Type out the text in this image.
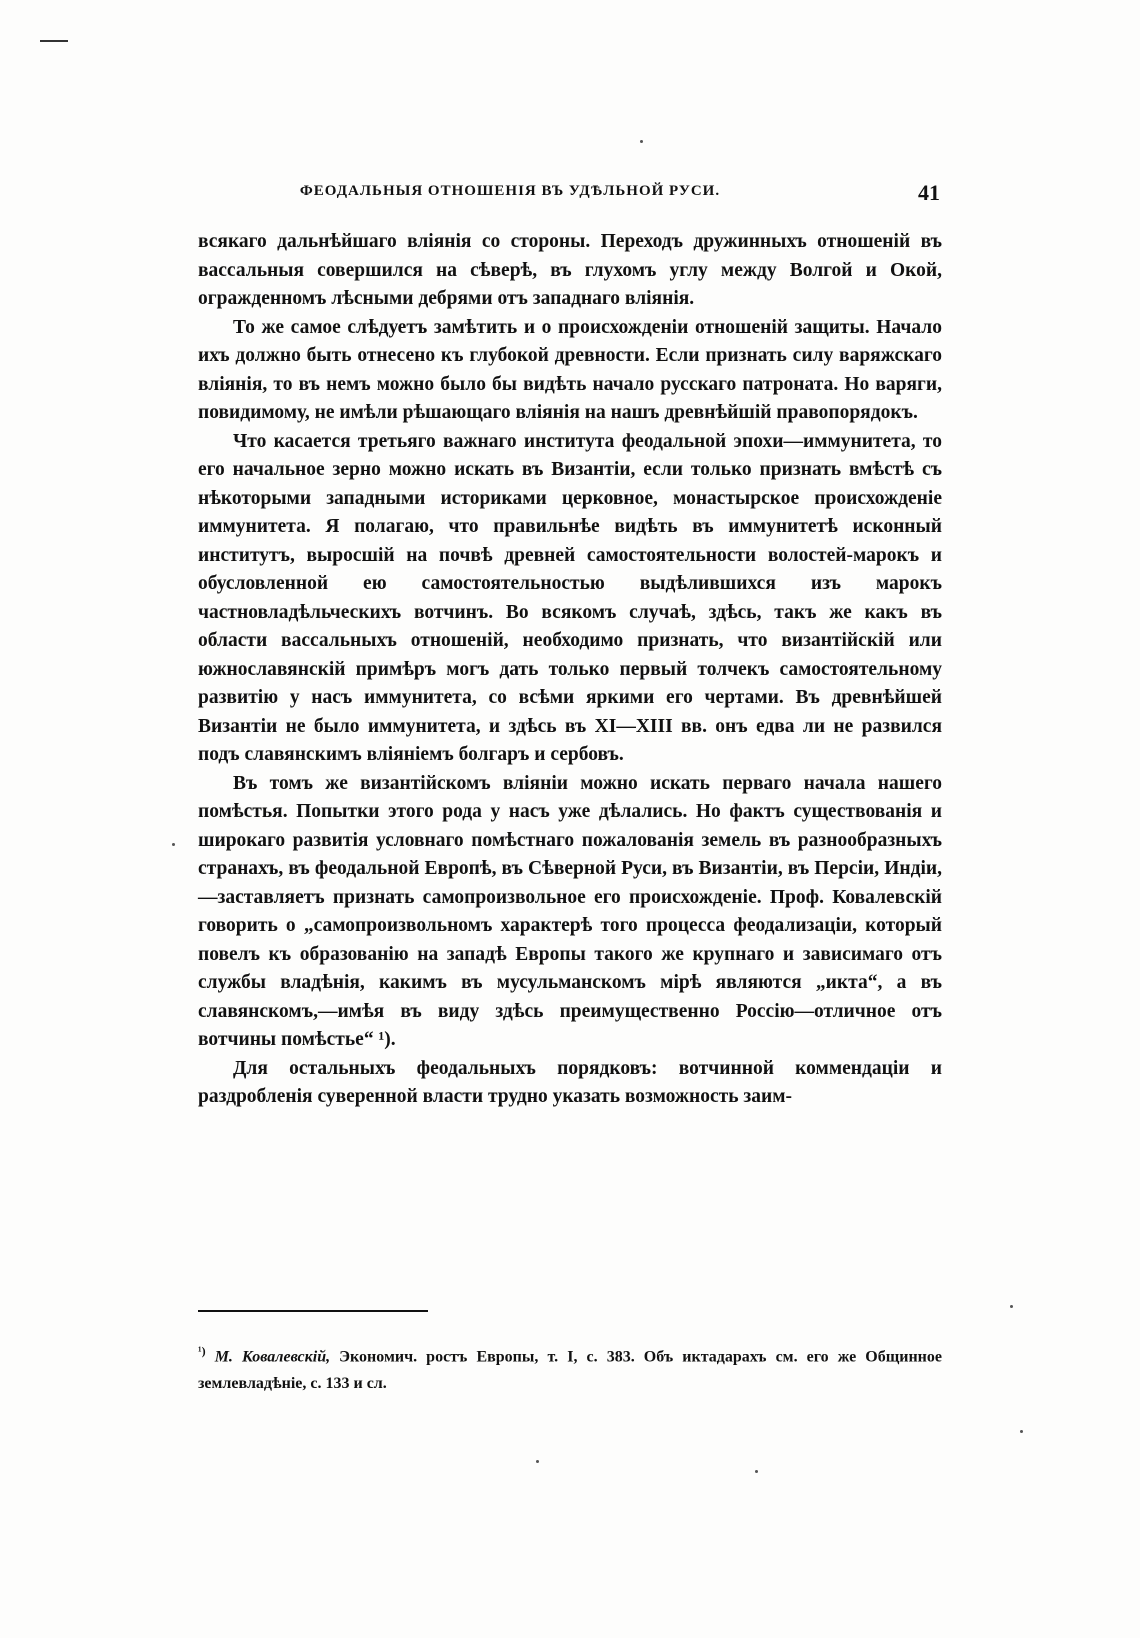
ФЕОДАЛЬНЫЯ ОТНОШЕНІЯ ВЪ УДѢЛЬНОЙ РУСИ.	41

всякаго дальнѣйшаго вліянія со стороны. Переходъ дружинныхъ отношеній въ вассальныя совершился на сѣверѣ, въ глухомъ углу между Волгой и Окой, огражденномъ лѣсными дебрями отъ западнаго вліянія.

То же самое слѣдуетъ замѣтить и о происхожденіи отношеній защиты. Начало ихъ должно быть отнесено къ глубокой древности. Если признать силу варяжскаго вліянія, то въ немъ можно было бы видѣть начало русскаго патроната. Но варяги, повидимому, не имѣли рѣшающаго вліянія на нашъ древнѣйшій правопорядокъ.

Что касается третьяго важнаго института феодальной эпохи—иммунитета, то его начальное зерно можно искать въ Византіи, если только признать вмѣстѣ съ нѣкоторыми западными историками церковное, монастырское происхожденіе иммунитета. Я полагаю, что правильнѣе видѣть въ иммунитетѣ исконный институтъ, выросшій на почвѣ древней самостоятельности волостей-марокъ и обусловленной ею самостоятельностью выдѣлившихся изъ марокъ частновладѣльческихъ вотчинъ. Во всякомъ случаѣ, здѣсь, такъ же какъ въ области вассальныхъ отношеній, необходимо признать, что византійскій или южнославянскій примѣръ могъ дать только первый толчекъ самостоятельному развитію у насъ иммунитета, со всѣми яркими его чертами. Въ древнѣйшей Византіи не было иммунитета, и здѣсь въ XI—XIII вв. онъ едва ли не развился подъ славянскимъ вліяніемъ болгаръ и сербовъ.

Въ томъ же византійскомъ вліяніи можно искать перваго начала нашего помѣстья. Попытки этого рода у насъ уже дѣлались. Но фактъ существованія и широкаго развитія условнаго помѣстнаго пожалованія земель въ разнообразныхъ странахъ, въ феодальной Европѣ, въ Сѣверной Руси, въ Византіи, въ Персіи, Индіи,—заставляетъ признать самопроизвольное его происхожденіе. Проф. Ковалевскій говорить о „самопроизвольномъ характерѣ того процесса феодализаціи, который повелъ къ образованію на западѣ Европы такого же крупнаго и зависимаго отъ службы владѣнія, какимъ въ мусульманскомъ мірѣ являются „икта“, а въ славянскомъ,—имѣя въ виду здѣсь преимущественно Россію—отличное отъ вотчины помѣстье“ ¹).

Для остальныхъ феодальныхъ порядковъ: вотчинной коммендаціи и раздробленія суверенной власти трудно указать возможность заим-

$^{^1)}$ М. Ковалевскій, Экономич. ростъ Европы, т. I, с. 383. Объ иктадарахъ см. его же Общинное землевладѣніе, с. 133 и сл.
